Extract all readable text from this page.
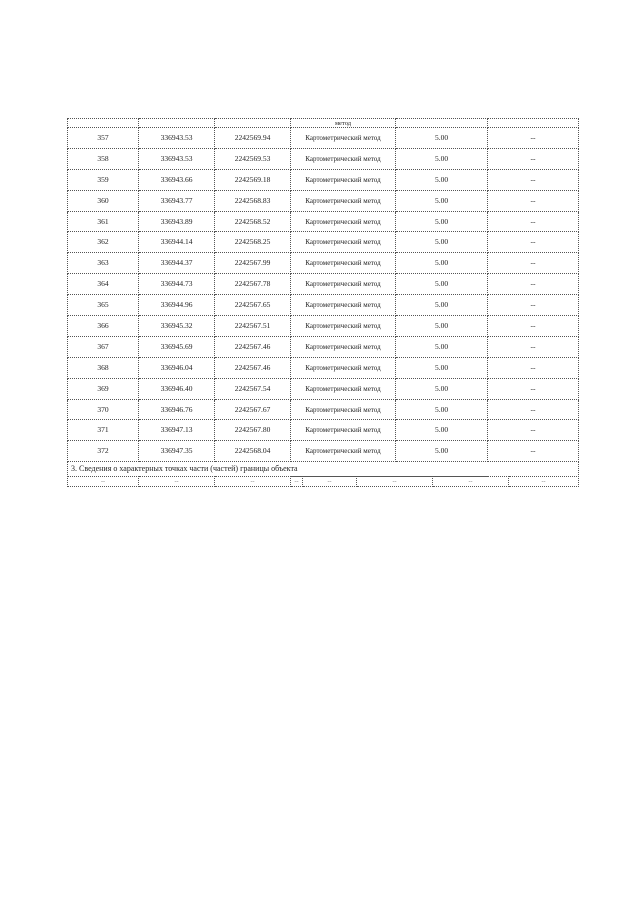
			метод		
357	336943.53	2242569.94	Картометрический метод	5.00	--
358	336943.53	2242569.53	Картометрический метод	5.00	--
359	336943.66	2242569.18	Картометрический метод	5.00	--
360	336943.77	2242568.83	Картометрический метод	5.00	--
361	336943.89	2242568.52	Картометрический метод	5.00	--
362	336944.14	2242568.25	Картометрический метод	5.00	--
363	336944.37	2242567.99	Картометрический метод	5.00	--
364	336944.73	2242567.78	Картометрический метод	5.00	--
365	336944.96	2242567.65	Картометрический метод	5.00	--
366	336945.32	2242567.51	Картометрический метод	5.00	--
367	336945.69	2242567.46	Картометрический метод	5.00	--
368	336946.04	2242567.46	Картометрический метод	5.00	--
369	336946.40	2242567.54	Картометрический метод	5.00	--
370	336946.76	2242567.67	Картометрический метод	5.00	--
371	336947.13	2242567.80	Картометрический метод	5.00	--
372	336947.35	2242568.04	Картометрический метод	5.00	--
3. Сведения о характерных точках части (частей) границы объекта					
--	--	--	--	--	--	--	--
